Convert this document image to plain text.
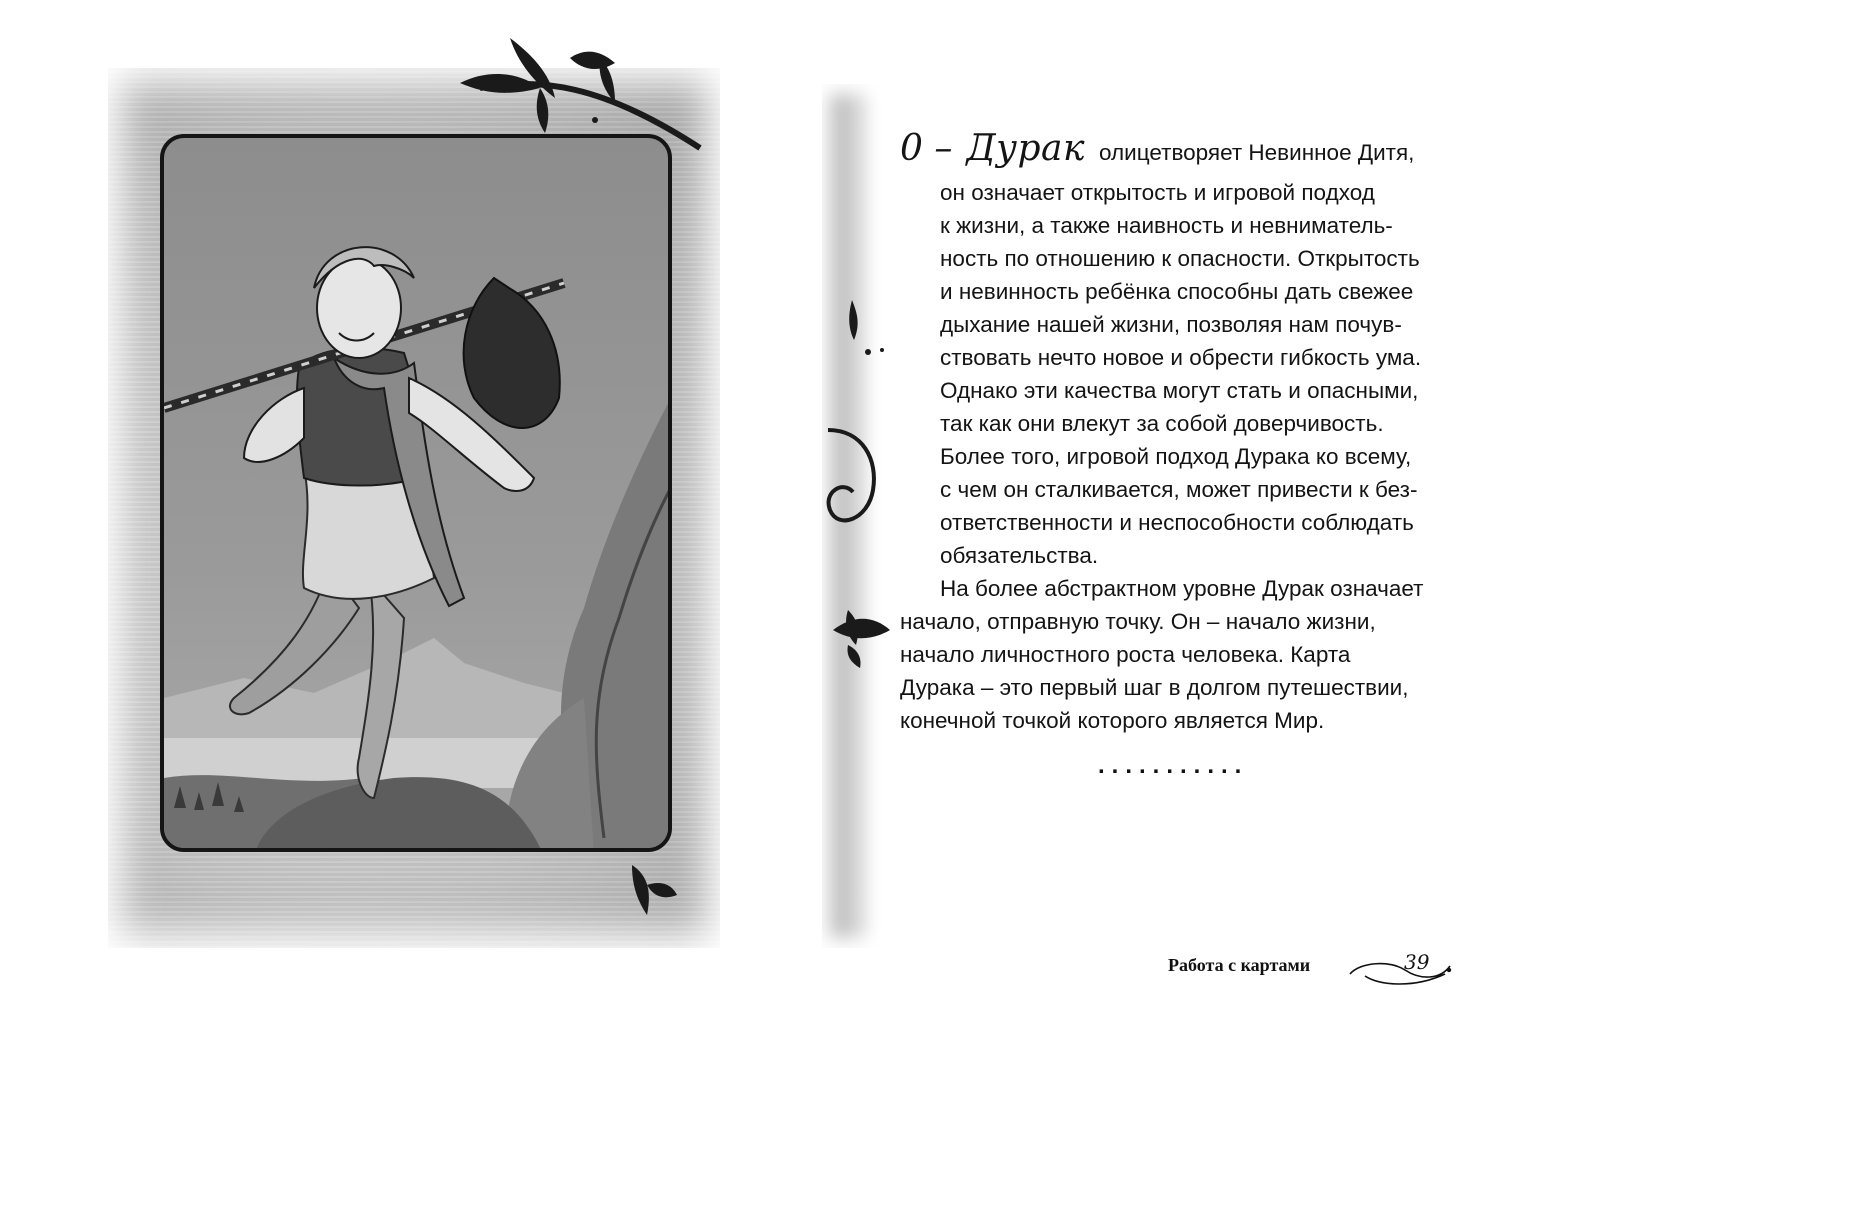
0 – Дурак олицетворяет Невинное Дитя,
он означает открытость и игровой подход
к жизни, а также наивность и невниматель-
ность по отношению к опасности. Открытость
и невинность ребёнка способны дать свежее
дыхание нашей жизни, позволяя нам почув-
ствовать нечто новое и обрести гибкость ума.
Однако эти качества могут стать и опасными,
так как они влекут за собой доверчивость.
Более того, игровой подход Дурака ко всему,
с чем он сталкивается, может привести к без-
ответственности и неспособности соблюдать
обязательства.
На более абстрактном уровне Дурак означает
начало, отправную точку. Он – начало жизни,
начало личностного роста человека. Карта
Дурака – это первый шаг в долгом путешествии,
конечной точкой которого является Мир.
...........
Работа с картами	39
